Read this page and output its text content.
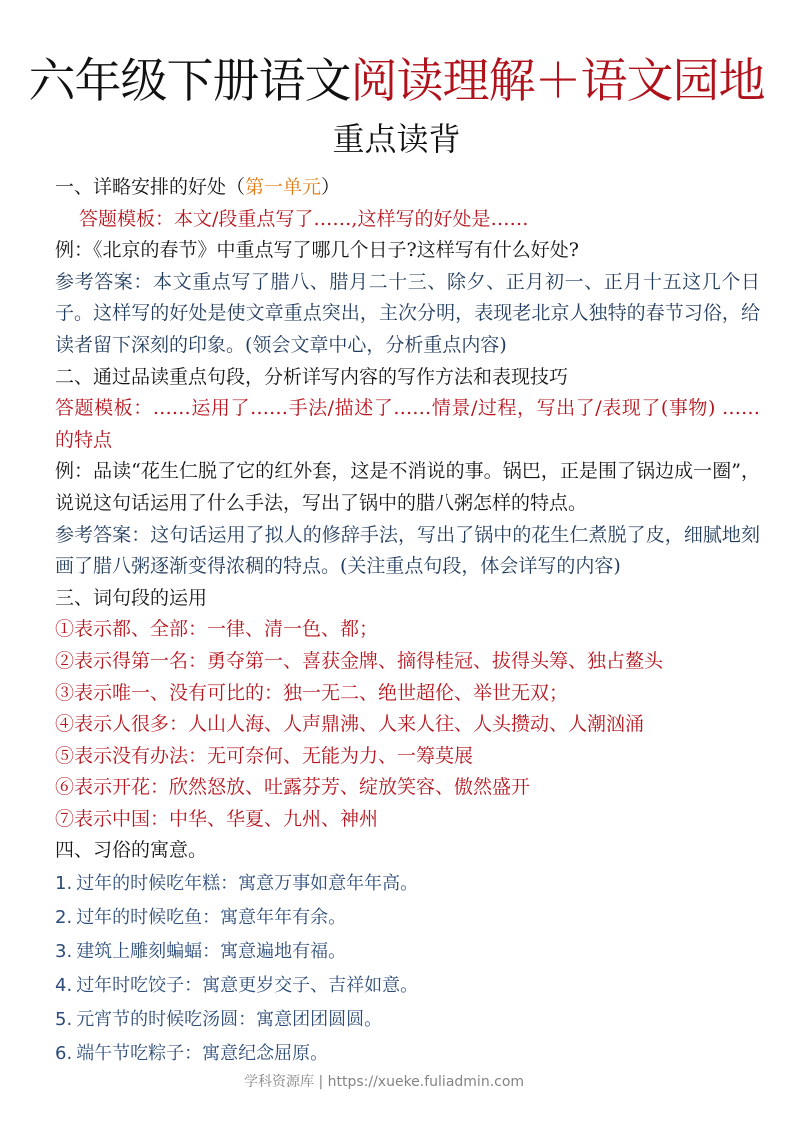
六年级下册语文阅读理解＋语文园地
重点读背

一、详略安排的好处（第一单元）

答题模板：本文/段重点写了……,这样写的好处是……

例：《北京的春节》中重点写了哪几个日子?这样写有什么好处?

参考答案：本文重点写了腊八、腊月二十三、除夕、正月初一、正月十五这几个日子。这样写的好处是使文章重点突出，主次分明，表现老北京人独特的春节习俗，给读者留下深刻的印象。(领会文章中心，分析重点内容)

二、通过品读重点句段，分析详写内容的写作方法和表现技巧

答题模板：……运用了……手法/描述了……情景/过程，写出了/表现了(事物) ……的特点

例：品读“花生仁脱了它的红外套，这是不消说的事。锅巴，正是围了锅边成一圈”，说说这句话运用了什么手法，写出了锅中的腊八粥怎样的特点。

参考答案：这句话运用了拟人的修辞手法，写出了锅中的花生仁煮脱了皮，细腻地刻画了腊八粥逐渐变得浓稠的特点。(关注重点句段，体会详写的内容)

三、词句段的运用

①表示都、全部：一律、清一色、都；

②表示得第一名：勇夺第一、喜获金牌、摘得桂冠、拔得头筹、独占鳌头

③表示唯一、没有可比的：独一无二、绝世超伦、举世无双；

④表示人很多：人山人海、人声鼎沸、人来人往、人头攒动、人潮汹涌

⑤表示没有办法：无可奈何、无能为力、一筹莫展

⑥表示开花：欣然怒放、吐露芬芳、绽放笑容、傲然盛开

⑦表示中国：中华、华夏、九州、神州

四、习俗的寓意。

1. 过年的时候吃年糕：寓意万事如意年年高。

2. 过年的时候吃鱼：寓意年年有余。

3. 建筑上雕刻蝙蝠：寓意遍地有福。

4. 过年时吃饺子：寓意更岁交子、吉祥如意。

5. 元宵节的时候吃汤圆：寓意团团圆圆。

6. 端午节吃粽子：寓意纪念屈原。

学科资源库 | https://xueke.fuliadmin.com
